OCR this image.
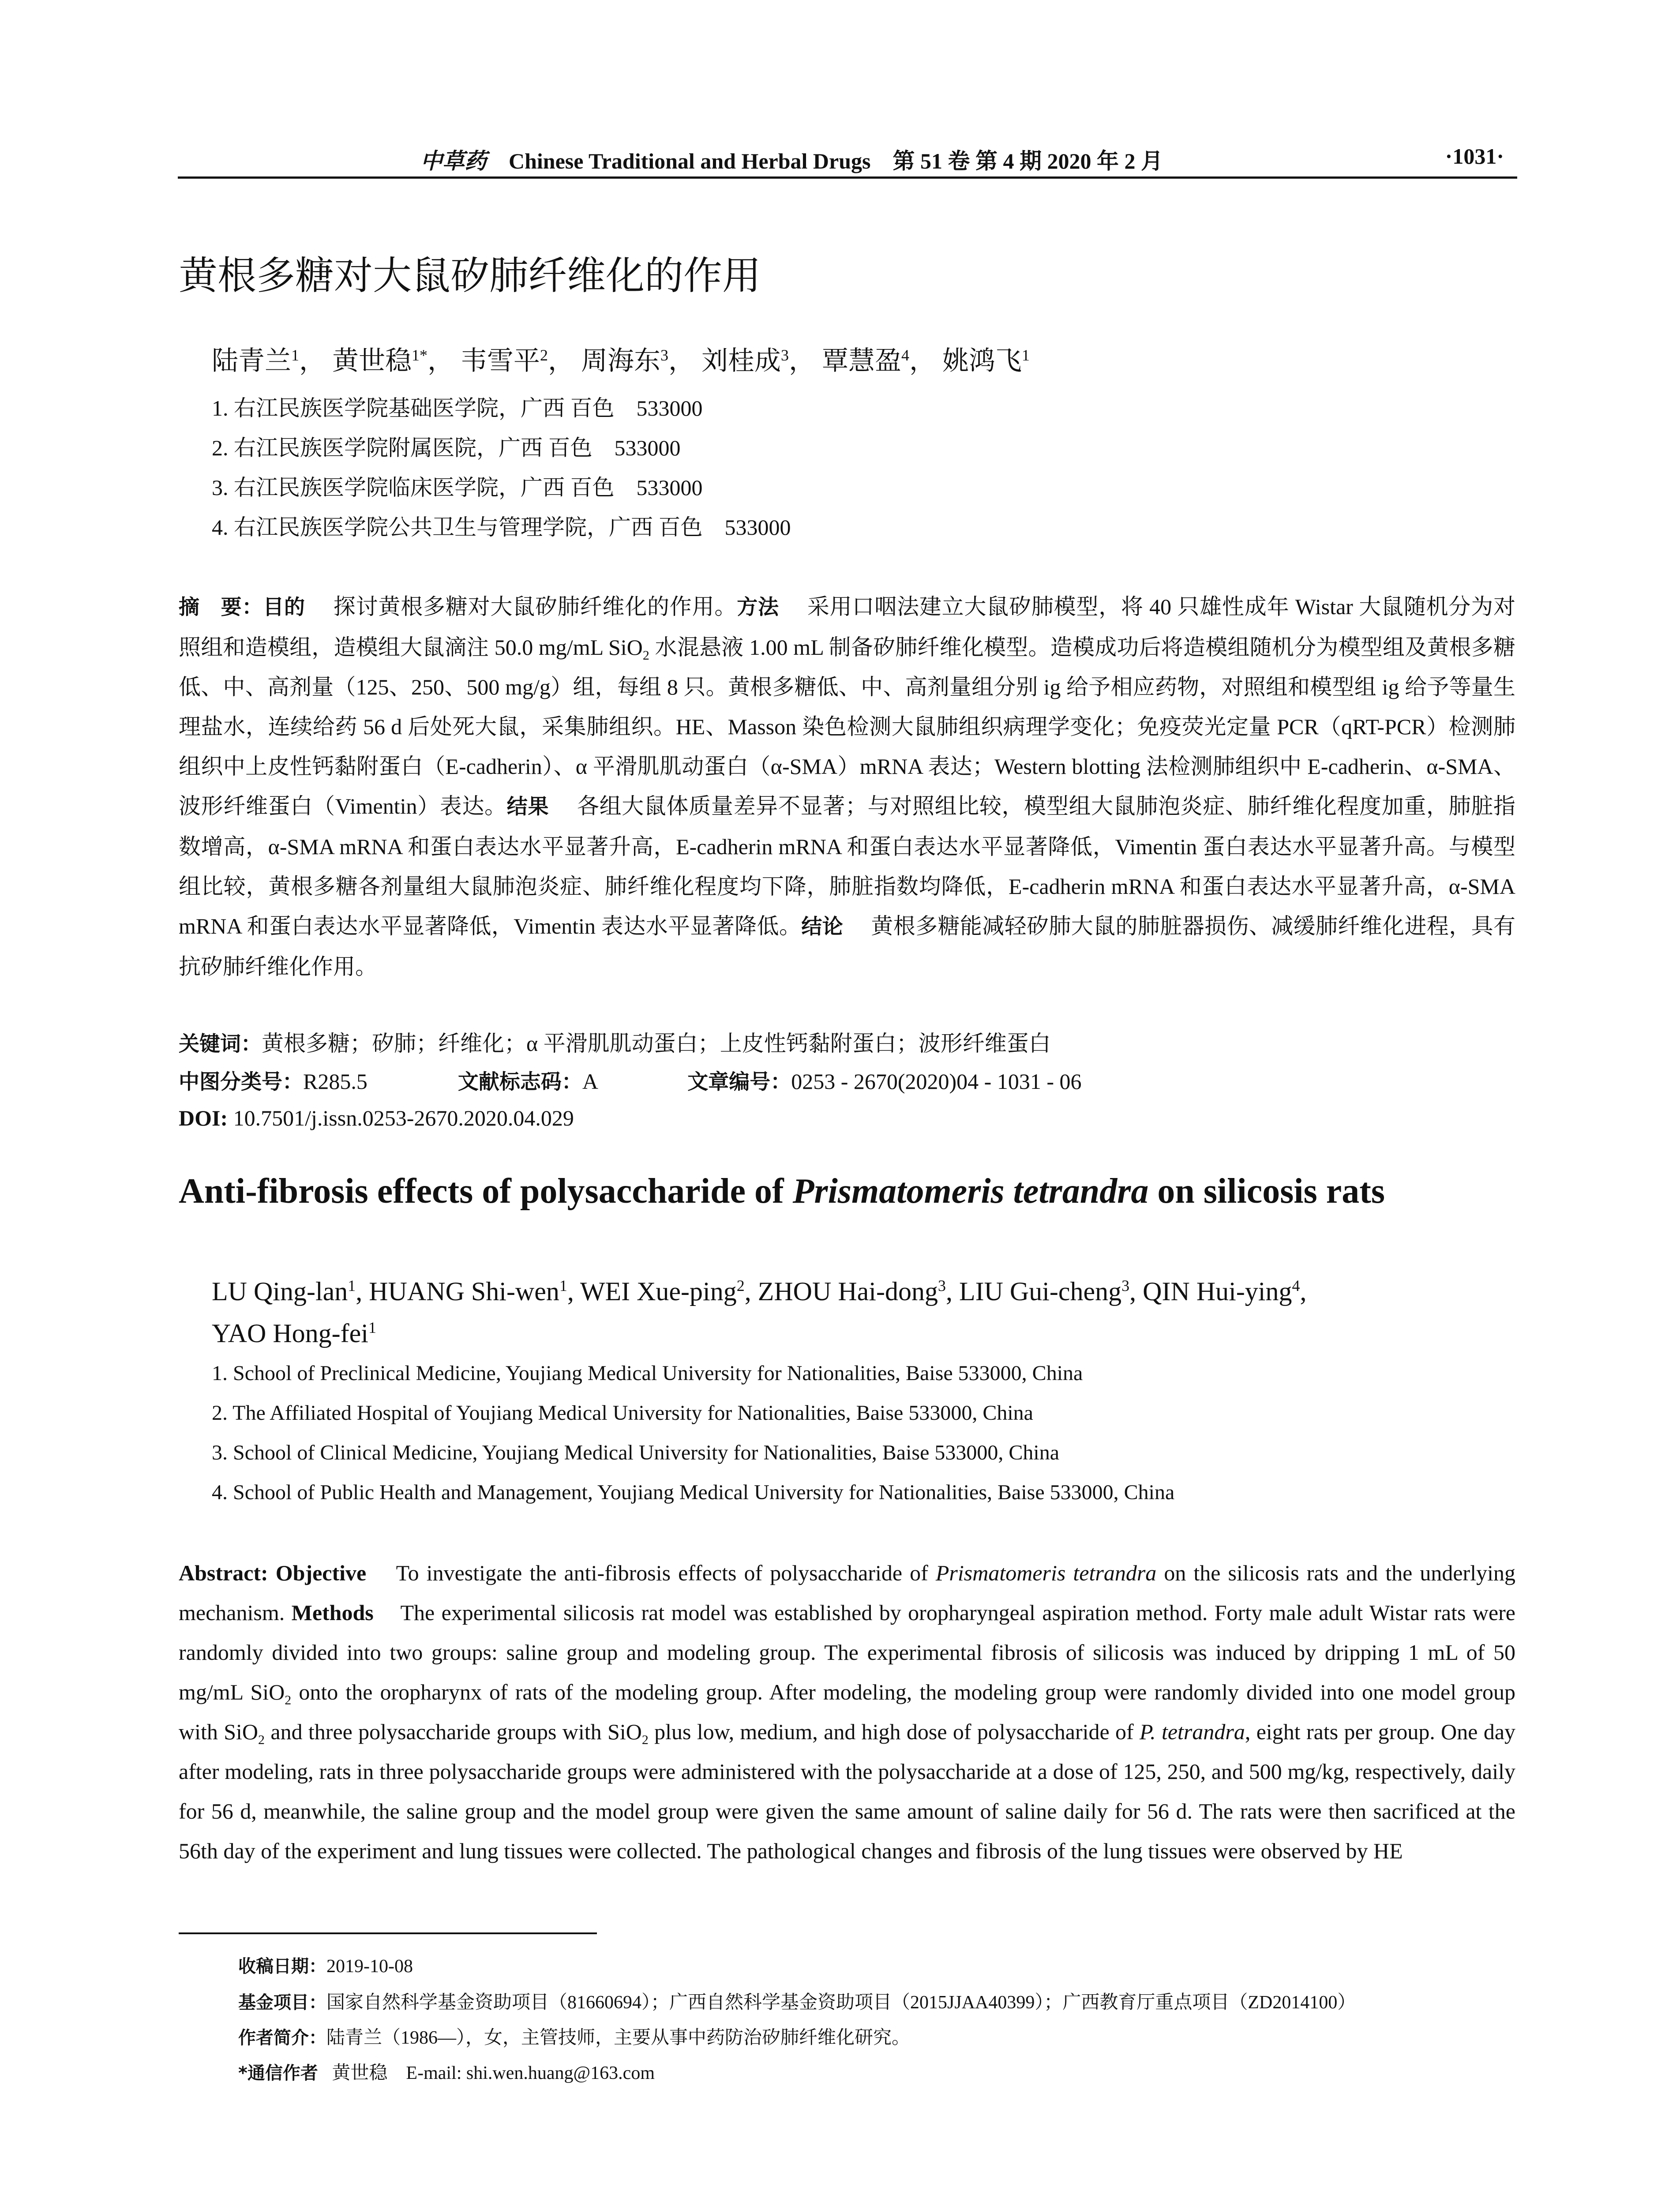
中草药 Chinese Traditional and Herbal Drugs 第 51 卷 第 4 期 2020 年 2 月	·1031·
黄根多糖对大鼠矽肺纤维化的作用
陆青兰$^1$， 黄世稳$^{1*}$， 韦雪平$^2$， 周海东$^3$， 刘桂成$^3$， 覃慧盈$^4$， 姚鸿飞$^1$
1. 右江民族医学院基础医学院，广西 百色　533000
2. 右江民族医学院附属医院，广西 百色　533000
3. 右江民族医学院临床医学院，广西 百色　533000
4. 右江民族医学院公共卫生与管理学院，广西 百色　533000
摘　要：目的　 探讨黄根多糖对大鼠矽肺纤维化的作用。方法　 采用口咽法建立大鼠矽肺模型，将 40 只雄性成年 Wistar 大鼠随机分为对照组和造模组，造模组大鼠滴注 50.0 mg/mL SiO$_2$ 水混悬液 1.00 mL 制备矽肺纤维化模型。造模成功后将造模组随机分为模型组及黄根多糖低、中、高剂量（125、250、500 mg/g）组，每组 8 只。黄根多糖低、中、高剂量组分别 ig 给予相应药物，对照组和模型组 ig 给予等量生理盐水，连续给药 56 d 后处死大鼠，采集肺组织。HE、Masson 染色检测大鼠肺组织病理学变化；免疫荧光定量 PCR（qRT-PCR）检测肺组织中上皮性钙黏附蛋白（E-cadherin）、α 平滑肌肌动蛋白（α-SMA）mRNA 表达；Western blotting 法检测肺组织中 E-cadherin、α-SMA、波形纤维蛋白（Vimentin）表达。结果　 各组大鼠体质量差异不显著；与对照组比较，模型组大鼠肺泡炎症、肺纤维化程度加重，肺脏指数增高，α-SMA mRNA 和蛋白表达水平显著升高，E-cadherin mRNA 和蛋白表达水平显著降低，Vimentin 蛋白表达水平显著升高。与模型组比较，黄根多糖各剂量组大鼠肺泡炎症、肺纤维化程度均下降，肺脏指数均降低，E-cadherin mRNA 和蛋白表达水平显著升高，α-SMA mRNA 和蛋白表达水平显著降低，Vimentin 表达水平显著降低。结论　 黄根多糖能减轻矽肺大鼠的肺脏器损伤、减缓肺纤维化进程，具有抗矽肺纤维化作用。
关键词：黄根多糖；矽肺；纤维化；α 平滑肌肌动蛋白；上皮性钙黏附蛋白；波形纤维蛋白
中图分类号：R285.5	文献标志码：A	文章编号：0253 - 2670(2020)04 - 1031 - 06
DOI: 10.7501/j.issn.0253-2670.2020.04.029
Anti-fibrosis effects of polysaccharide of Prismatomeris tetrandra on silicosis rats
LU Qing-lan$^1$, HUANG Shi-wen$^1$, WEI Xue-ping$^2$, ZHOU Hai-dong$^3$, LIU Gui-cheng$^3$, QIN Hui-ying$^4$,
YAO Hong-fei$^1$
1. School of Preclinical Medicine, Youjiang Medical University for Nationalities, Baise 533000, China
2. The Affiliated Hospital of Youjiang Medical University for Nationalities, Baise 533000, China
3. School of Clinical Medicine, Youjiang Medical University for Nationalities, Baise 533000, China
4. School of Public Health and Management, Youjiang Medical University for Nationalities, Baise 533000, China
Abstract: Objective To investigate the anti-fibrosis effects of polysaccharide of Prismatomeris tetrandra on the silicosis rats and the underlying mechanism. Methods The experimental silicosis rat model was established by oropharyngeal aspiration method. Forty male adult Wistar rats were randomly divided into two groups: saline group and modeling group. The experimental fibrosis of silicosis was induced by dripping 1 mL of 50 mg/mL SiO$_2$ onto the oropharynx of rats of the modeling group. After modeling, the modeling group were randomly divided into one model group with SiO$_2$ and three polysaccharide groups with SiO$_2$ plus low, medium, and high dose of polysaccharide of P. tetrandra, eight rats per group. One day after modeling, rats in three polysaccharide groups were administered with the polysaccharide at a dose of 125, 250, and 500 mg/kg, respectively, daily for 56 d, meanwhile, the saline group and the model group were given the same amount of saline daily for 56 d. The rats were then sacrificed at the 56th day of the experiment and lung tissues were collected. The pathological changes and fibrosis of the lung tissues were observed by HE
收稿日期：2019-10-08
基金项目：国家自然科学基金资助项目（81660694）；广西自然科学基金资助项目（2015JJAA40399）；广西教育厅重点项目（ZD2014100）
作者简介：陆青兰（1986—），女，主管技师，主要从事中药防治矽肺纤维化研究。
*通信作者 黄世稳　E-mail: shi.wen.huang@163.com
